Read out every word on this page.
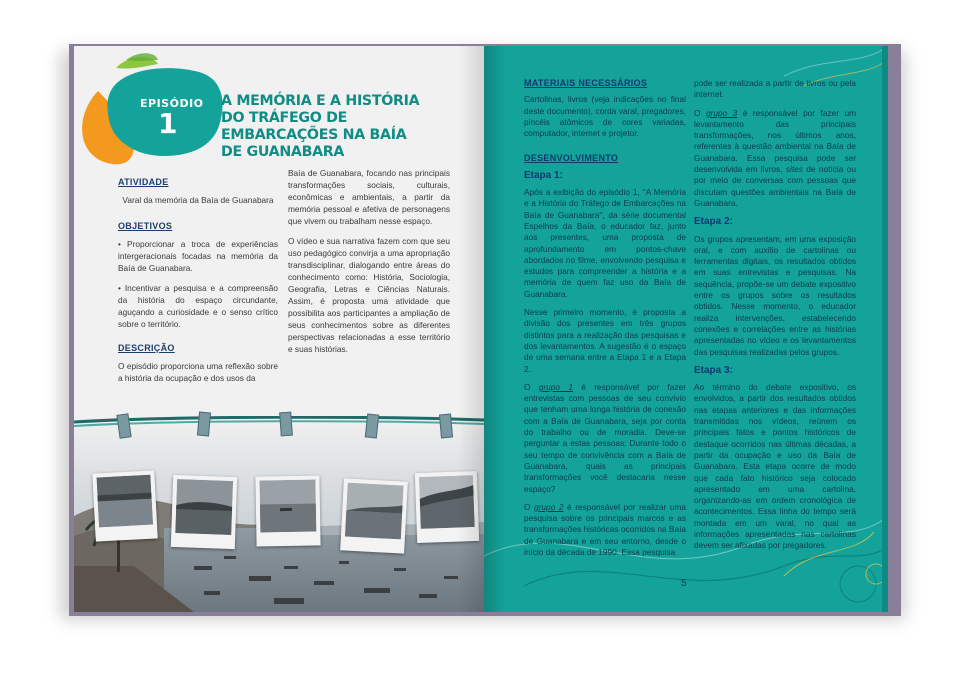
EPISÓDIO
1
A MEMÓRIA E A HISTÓRIA DO TRÁFEGO DE EMBARCAÇÕES NA BAÍA DE GUANABARA
ATIVIDADE

Varal da memória da Baía de Guanabara

OBJETIVOS

• Proporcionar a troca de experiências intergeracionais focadas na memória da Baía de Guanabara.

• Incentivar a pesquisa e a compreensão da história do espaço circundante, aguçando a curiosidade e o senso crítico sobre o território.

DESCRIÇÃO

O episódio proporciona uma reflexão sobre a história da ocupação e dos usos da

Baía de Guanabara, focando nas principais transformações sociais, culturais, econômicas e ambientais, a partir da memória pessoal e afetiva de personagens que vivem ou trabalham nesse espaço.

O vídeo e sua narrativa fazem com que seu uso pedagógico convirja a uma apropriação transdisciplinar, dialogando entre áreas do conhecimento como: História, Sociologia, Geografia, Letras e Ciências Naturais. Assim, é proposta uma atividade que possibilita aos participantes a ampliação de seus conhecimentos sobre as diferentes perspectivas relacionadas a esse território e suas histórias.

MATERIAIS NECESSÁRIOS

Cartolinas, livros (veja indicações no final deste documento), corda varal, pregadores, pincéis atômicos de cores variadas, computador, internet e projetor.

DESENVOLVIMENTO
Etapa 1:

Após a exibição do episódio 1, "A Memória e a História do Tráfego de Embarcações na Baía de Guanabara", da série documental Espelhos da Baía, o educador faz, junto aos presentes, uma proposta de aprofundamento em pontos-chave abordados no filme, envolvendo pesquisa e estudos para compreender a história e a memória de quem faz uso da Baía de Guanabara.

Nesse primeiro momento, é proposta a divisão dos presentes em três grupos distintos para a realização das pesquisas e dos levantamentos. A sugestão é o espaço de uma semana entre a Etapa 1 e a Etapa 2.

O grupo 1 é responsável por fazer entrevistas com pessoas de seu convívio que tenham uma longa história de conexão com a Baía de Guanabara, seja por conta do trabalho ou de moradia. Deve-se perguntar a estas pessoas: Durante todo o seu tempo de convivência com a Baía de Guanabara, quais as principais transformações você destacaria nesse espaço?

O grupo 2 é responsável por realizar uma pesquisa sobre os principais marcos e as transformações históricas ocorridos na Baía de Guanabara e em seu entorno, desde o início da década de 1990. Essa pesquisa

pode ser realizada a partir de livros ou pela internet.

O grupo 3 é responsável por fazer um levantamento das principais transformações, nos últimos anos, referentes à questão ambiental na Baía de Guanabara. Essa pesquisa pode ser desenvolvida em livros, sites de notícia ou por meio de conversas com pessoas que discutam questões ambientais na Baía de Guanabara.

Etapa 2:

Os grupos apresentam, em uma exposição oral, e com auxílio de cartolinas ou ferramentas digitais, os resultados obtidos em suas entrevistas e pesquisas. Na sequência, propõe-se um debate expositivo entre os grupos sobre os resultados obtidos. Nesse momento, o educador realiza intervenções, estabelecendo conexões e correlações entre as histórias apresentadas no vídeo e os levantamentos das pesquisas realizadas pelos grupos.

Etapa 3:

Ao término do debate expositivo, os envolvidos, a partir dos resultados obtidos nas etapas anteriores e das informações transmitidas nos vídeos, reúnem os principais fatos e pontos históricos de destaque ocorridos nas últimas décadas, a partir da ocupação e uso da Baía de Guanabara. Esta etapa ocorre de modo que cada fato histórico seja colocado apresentado em uma cartolina, organizando-as em ordem cronológica de acontecimentos. Essa linha do tempo será montada em um varal, no qual as informações apresentadas nas cartolinas devem ser afixadas por pregadores.

5
